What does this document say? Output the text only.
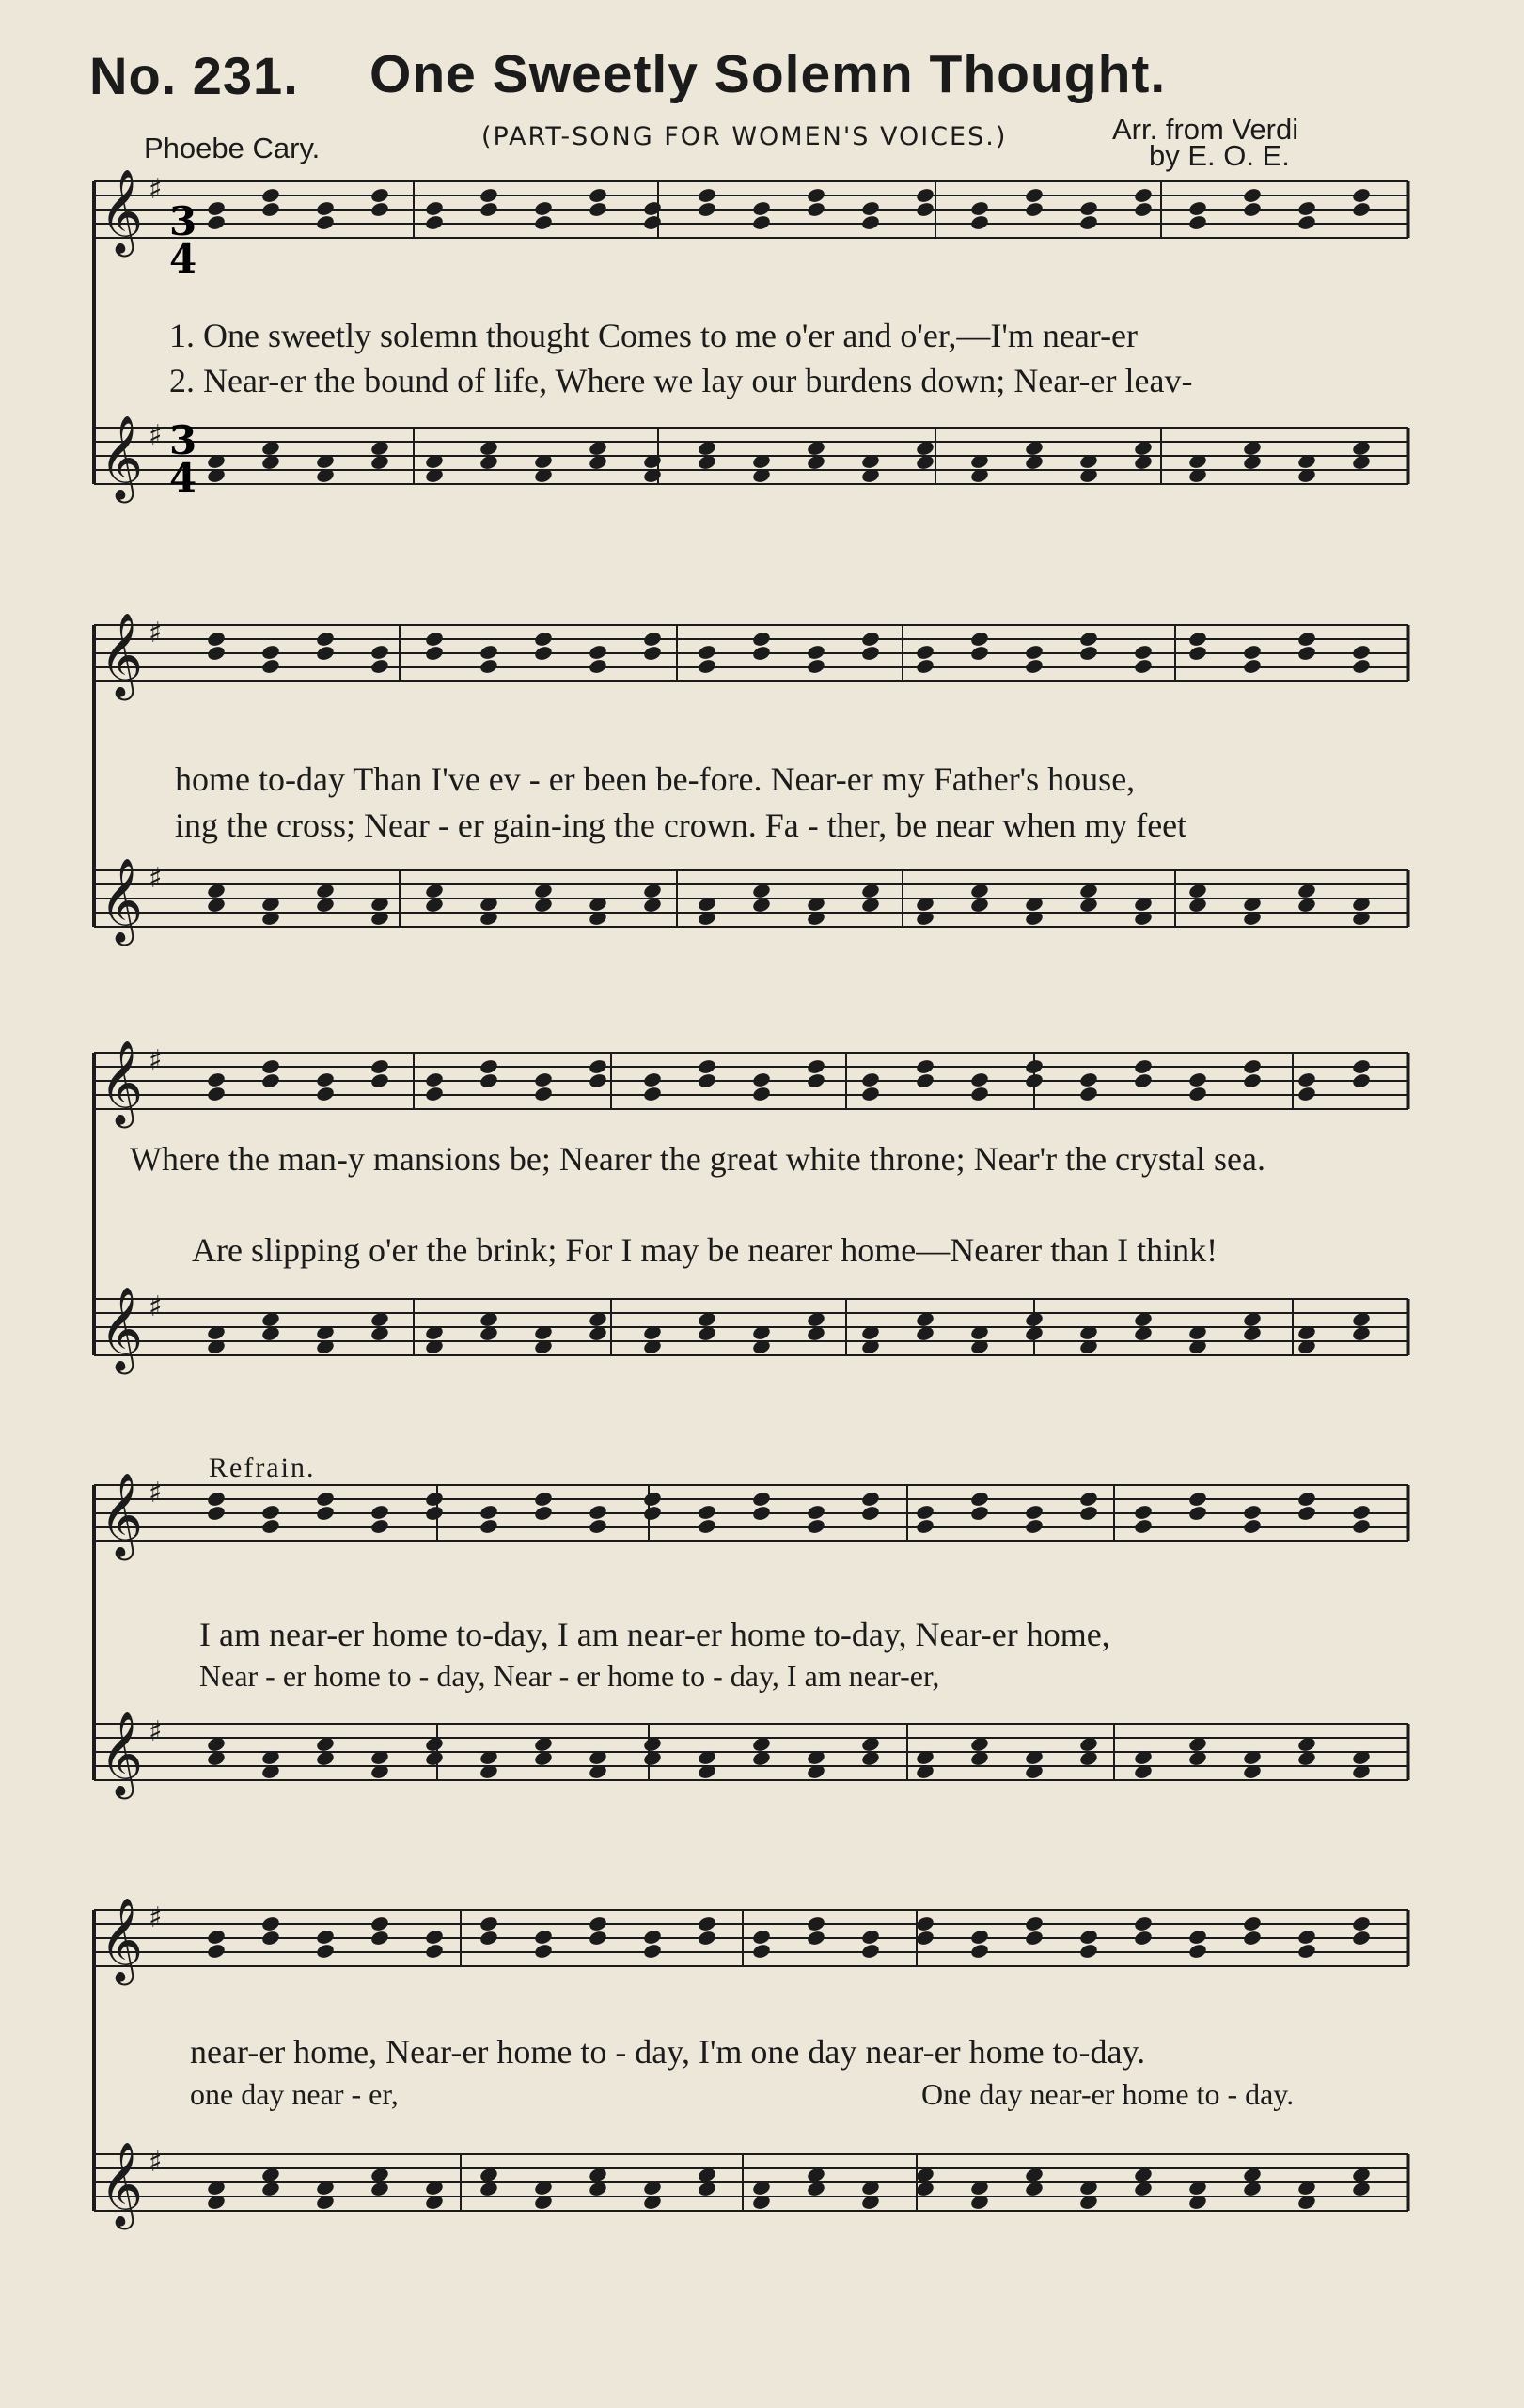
No. 231. One Sweetly Solemn Thought.
Phoebe Cary.	(PART-SONG FOR WOMEN'S VOICES.)	Arr. from Verdi
by E. O. E.
𝄞 ♯
𝄞 ♯
𝄞 ♯
𝄞 ♯
𝄞 ♯
𝄞 ♯
𝄞 ♯
𝄞 ♯
𝄞 ♯
𝄞 ♯
3
4
3
4
1. One sweetly solemn thought Comes to me o'er and o'er,—I'm near-er
2. Near-er the bound of life, Where we lay our burdens down; Near-er leav-
home to-day Than I've ev - er been be-fore. Near-er my Father's house,
ing the cross; Near - er gain-ing the crown. Fa - ther, be near when my feet
Where the man-y mansions be; Nearer the great white throne; Near'r the crystal sea.
Are slipping o'er the brink; For I may be nearer home—Nearer than I think!
Refrain.
I am near-er home to-day, I am near-er home to-day, Near-er home,
Near - er home to - day, Near - er home to - day, I am near-er,
near-er home, Near-er home to - day, I'm one day near-er home to-day.
one day near - er,	One day near-er home to - day.
